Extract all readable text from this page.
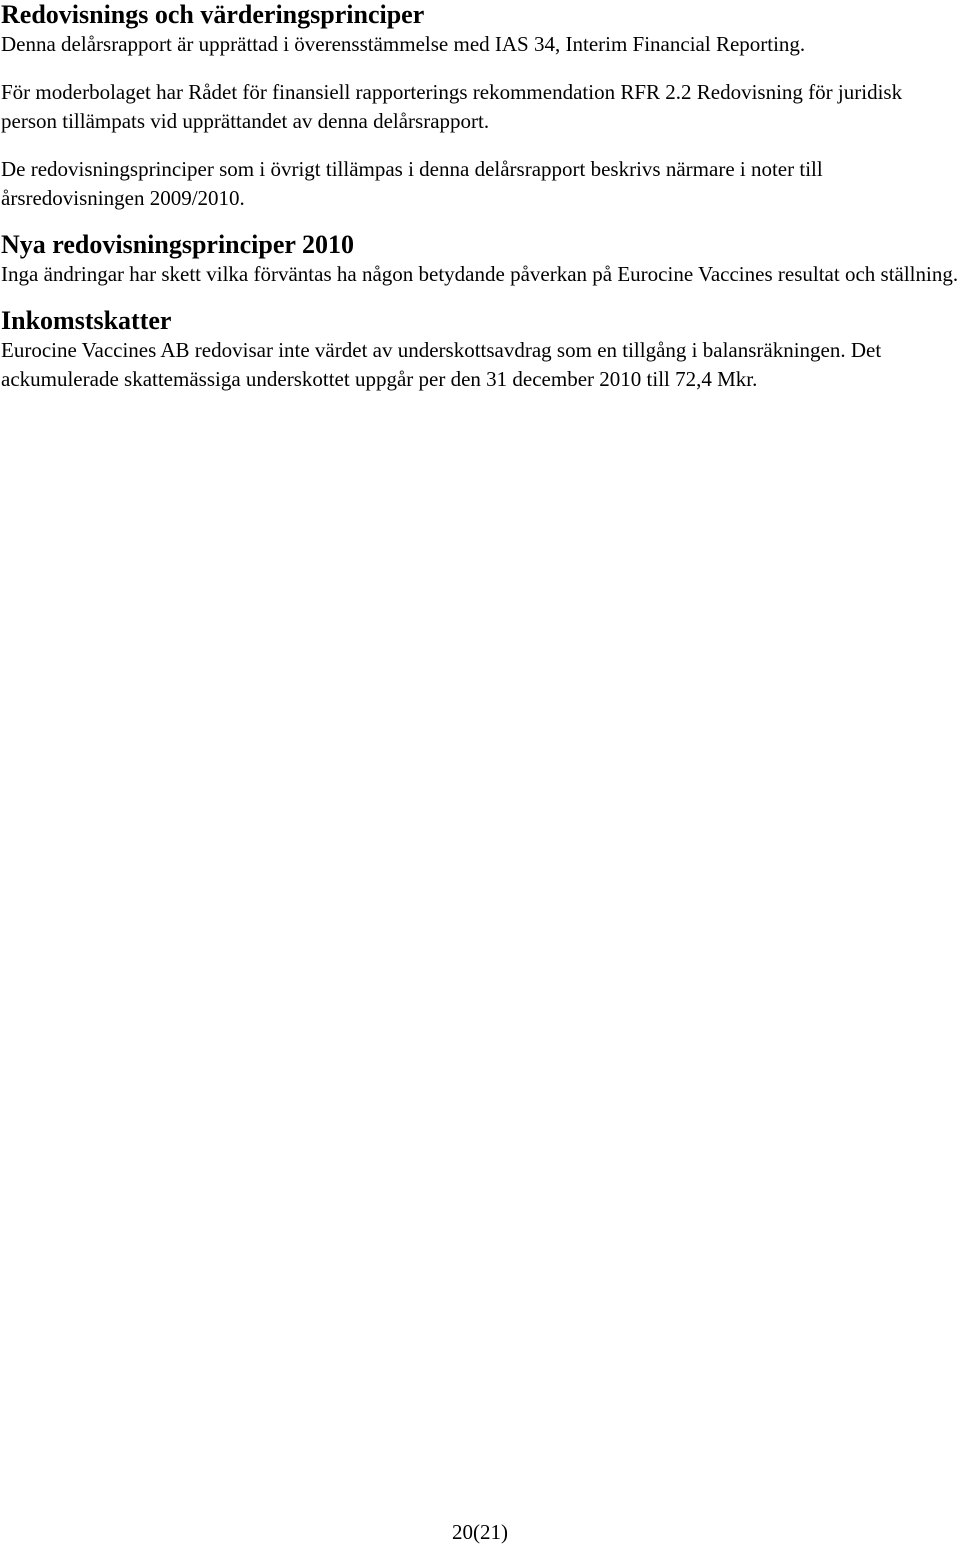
Redovisnings och värderingsprinciper

Denna delårsrapport är upprättad i överensstämmelse med IAS 34, Interim Financial Reporting.

För moderbolaget har Rådet för finansiell rapporterings rekommendation RFR 2.2 Redovisning för juridisk person tillämpats vid upprättandet av denna delårsrapport.

De redovisningsprinciper som i övrigt tillämpas i denna delårsrapport beskrivs närmare i noter till årsredovisningen 2009/2010.

Nya redovisningsprinciper 2010

Inga ändringar har skett vilka förväntas ha någon betydande påverkan på Eurocine Vaccines resultat och ställning.

Inkomstskatter

Eurocine Vaccines AB redovisar inte värdet av underskottsavdrag som en tillgång i balansräkningen. Det ackumulerade skattemässiga underskottet uppgår per den 31 december 2010 till 72,4 Mkr.

20(21)
